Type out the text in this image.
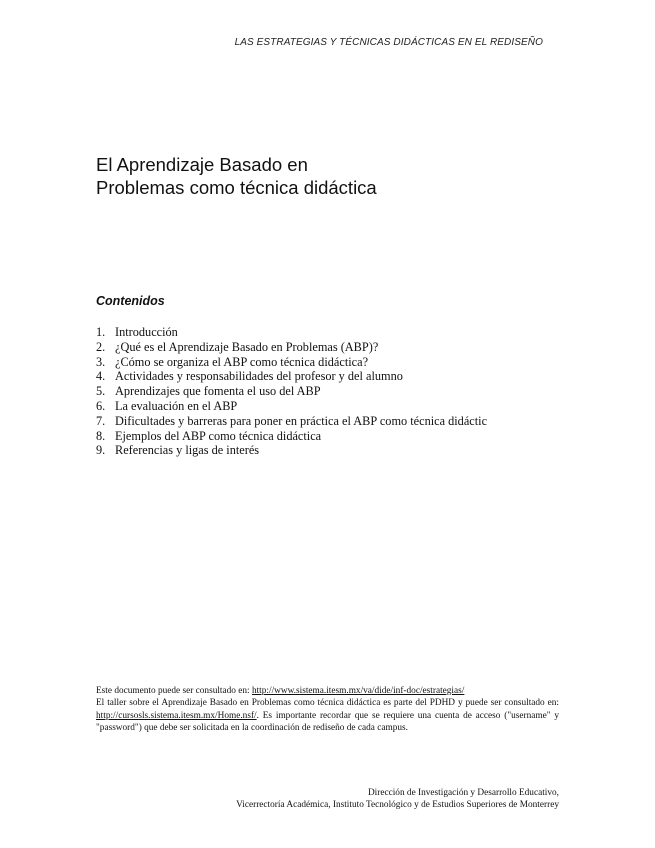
LAS ESTRATEGIAS Y TÉCNICAS DIDÁCTICAS EN EL REDISEÑO
El Aprendizaje Basado en
Problemas como técnica didáctica
Contenidos
1. Introducción
2. ¿Qué es el Aprendizaje Basado en Problemas (ABP)?
3. ¿Cómo se organiza el ABP como técnica didáctica?
4. Actividades y responsabilidades del profesor y del alumno
5. Aprendizajes que fomenta el uso del ABP
6. La evaluación en el ABP
7. Dificultades y barreras para poner en práctica el ABP como técnica didáctic
8. Ejemplos del ABP como técnica didáctica
9. Referencias y ligas de interés

Este documento puede ser consultado en: http://www.sistema.itesm.mx/va/dide/inf-doc/estrategias/

El taller sobre el Aprendizaje Basado en Problemas como técnica didáctica es parte del PDHD y puede ser consultado en: http://cursosls.sistema.itesm.mx/Home.nsf/. Es importante recordar que se requiere una cuenta de acceso ("username" y "password") que debe ser solicitada en la coordinación de rediseño de cada campus.

Dirección de Investigación y Desarrollo Educativo,
Vicerrectoría Académica, Instituto Tecnológico y de Estudios Superiores de Monterrey
